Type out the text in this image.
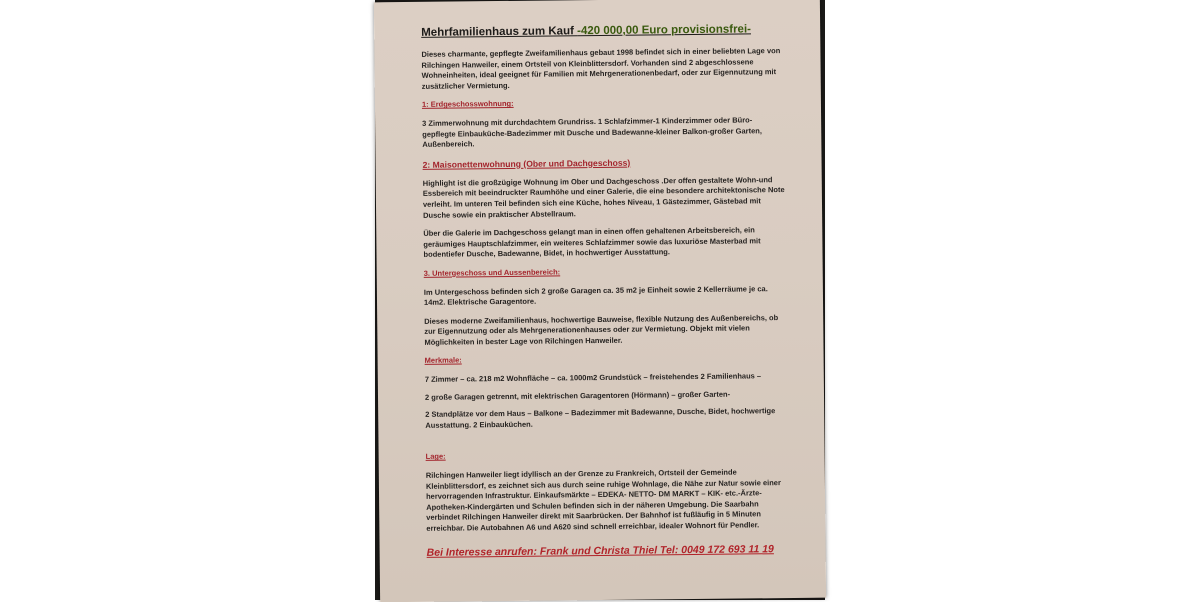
Mehrfamilienhaus zum Kauf -420 000,00 Euro provisionsfrei-
Dieses charmante, gepflegte Zweifamilienhaus gebaut 1998 befindet sich in einer beliebten Lage von Rilchingen Hanweiler, einem Ortsteil von Kleinblittersdorf. Vorhanden sind 2 abgeschlossene Wohneinheiten, ideal geeignet für Familien mit Mehrgenerationenbedarf, oder zur Eigennutzung mit zusätzlicher Vermietung.
1: Erdgeschosswohnung:
3 Zimmerwohnung mit durchdachtem Grundriss. 1 Schlafzimmer-1 Kinderzimmer oder Büro-gepflegte Einbauküche-Badezimmer mit Dusche und Badewanne-kleiner Balkon-großer Garten, Außenbereich.
2: Maisonettenwohnung (Ober und Dachgeschoss)
Highlight ist die großzügige Wohnung im Ober und Dachgeschoss .Der offen gestaltete Wohn-und Essbereich mit beeindruckter Raumhöhe und einer Galerie, die eine besondere architektonische Note verleiht. Im unteren Teil befinden sich eine Küche, hohes Niveau, 1 Gästezimmer, Gästebad mit Dusche sowie ein praktischer Abstellraum.
Über die Galerie im Dachgeschoss gelangt man in einen offen gehaltenen Arbeitsbereich, ein geräumiges Hauptschlafzimmer, ein weiteres Schlafzimmer sowie das luxuriöse Masterbad mit bodentiefer Dusche, Badewanne, Bidet, in hochwertiger Ausstattung.
3. Untergeschoss und Aussenbereich:
Im Untergeschoss befinden sich 2 große Garagen ca. 35 m2 je Einheit sowie 2 Kellerräume je ca. 14m2. Elektrische Garagentore.
Dieses moderne Zweifamilienhaus, hochwertige Bauweise, flexible Nutzung des Außenbereichs, ob zur Eigennutzung oder als Mehrgenerationenhauses oder zur Vermietung. Objekt mit vielen Möglichkeiten in bester Lage von Rilchingen Hanweiler.
Merkmale:
7 Zimmer – ca. 218 m2 Wohnfläche – ca. 1000m2 Grundstück – freistehendes 2 Familienhaus –
2 große Garagen getrennt, mit elektrischen Garagentoren (Hörmann) – großer Garten-
2 Standplätze vor dem Haus – Balkone – Badezimmer mit Badewanne, Dusche, Bidet, hochwertige Ausstattung. 2 Einbauküchen.
Lage:
Rilchingen Hanweiler liegt idyllisch an der Grenze zu Frankreich, Ortsteil der Gemeinde Kleinblittersdorf, es zeichnet sich aus durch seine ruhige Wohnlage, die Nähe zur Natur sowie einer hervorragenden Infrastruktur. Einkaufsmärkte – EDEKA- NETTO- DM MARKT – KIK- etc.-Ärzte-Apotheken-Kindergärten und Schulen befinden sich in der näheren Umgebung. Die Saarbahn verbindet Rilchingen Hanweiler direkt mit Saarbrücken. Der Bahnhof ist fußläufig in 5 Minuten erreichbar. Die Autobahnen A6 und A620 sind schnell erreichbar, idealer Wohnort für Pendler.
Bei Interesse anrufen: Frank und Christa Thiel Tel: 0049 172 693 11 19
